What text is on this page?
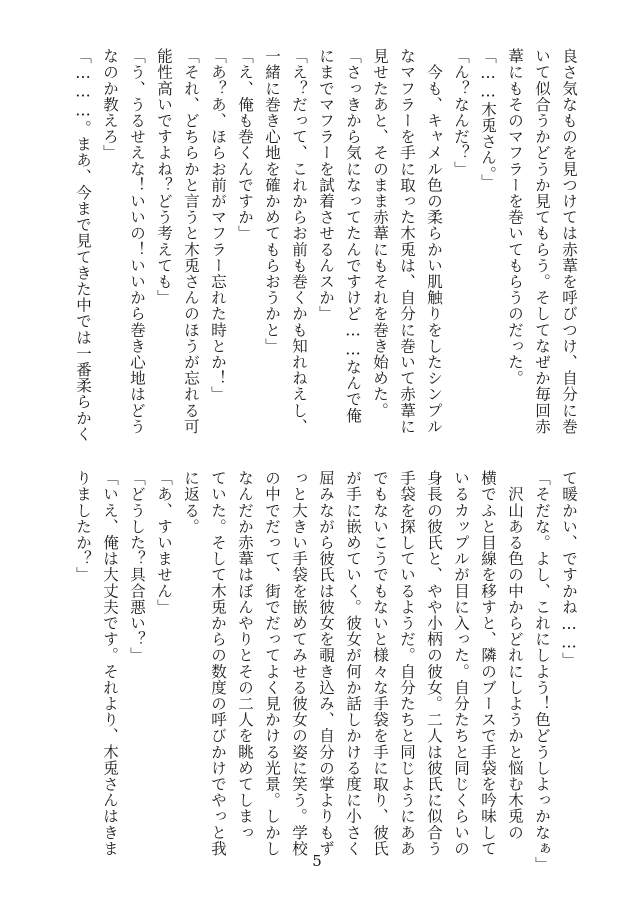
良さ気なものを見つけては赤葦を呼びつけ、自分に巻
いて似合うかどうか見てもらう。そしてなぜか毎回赤
葦にもそのマフラーを巻いてもらうのだった。
「……木兎さん。」
「ん？なんだ？」
　今も、キャメル色の柔らかい肌触りをしたシンプル
なマフラーを手に取った木兎は、自分に巻いて赤葦に
見せたあと、そのまま赤葦にもそれを巻き始めた。
「さっきから気になってたんですけど……なんで俺
にまでマフラーを試着させるんスか」
「え？だって、これからお前も巻くかも知れねえし、
一緒に巻き心地を確かめてもらおうかと」
「え、俺も巻くんですか」
「あ？あ、ほらお前がマフラー忘れた時とか！」
「それ、どちらかと言うと木兎さんのほうが忘れる可
能性高いですよね？どう考えても」
「う、うるせえな！いいの！いいから巻き心地はどう
なのか教えろ」
「………。まあ、今まで見てきた中では一番柔らかく
て暖かい、ですかね……」
「そだな。よし、これにしよう！色どうしよっかなぁ」
　沢山ある色の中からどれにしようかと悩む木兎の
横でふと目線を移すと、隣のブースで手袋を吟味して
いるカップルが目に入った。自分たちと同じくらいの
身長の彼氏と、やや小柄の彼女。二人は彼氏に似合う
手袋を探しているようだ。自分たちと同じようにああ
でもないこうでもないと様々な手袋を手に取り、彼氏
が手に嵌めていく。彼女が何か話しかける度に小さく
屈みながら彼氏は彼女を覗き込み、自分の掌よりもず
っと大きい手袋を嵌めてみせる彼女の姿に笑う。学校
の中でだって、街でだってよく見かける光景。しかし
なんだか赤葦はぼんやりとその二人を眺めてしまっ
ていた。そして木兎からの数度の呼びかけでやっと我
に返る。
「あ、すいません」
「どうした？具合悪い？」
「いえ、俺は大丈夫です。それより、木兎さんはきま
りましたか？」
5
